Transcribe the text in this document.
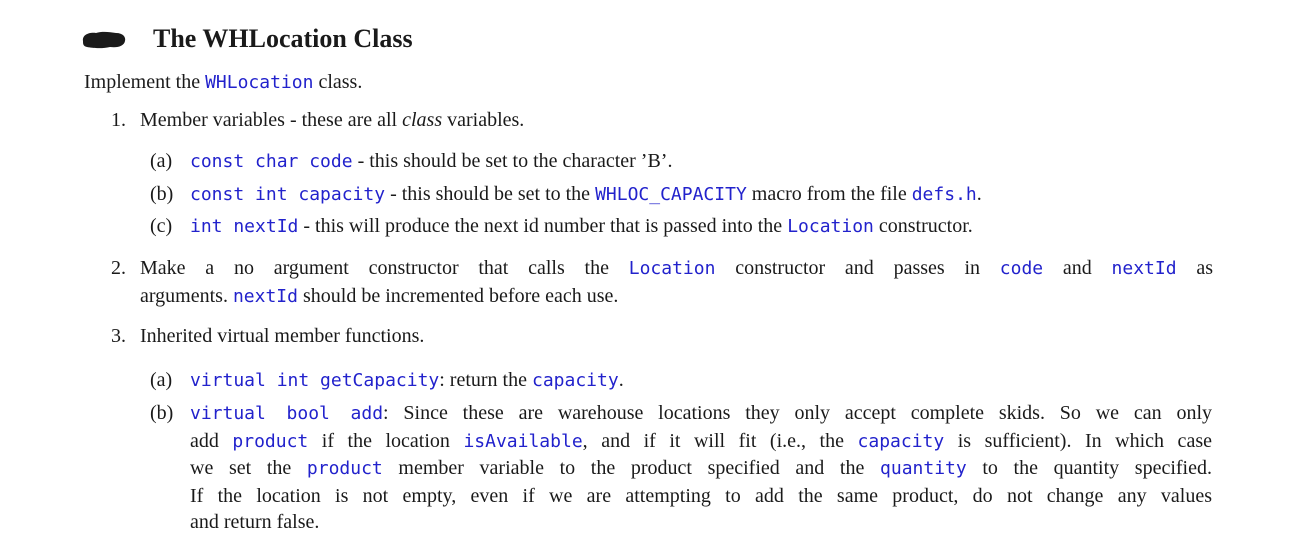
The WHLocation Class
Implement the WHLocation class.
1. Member variables - these are all class variables.
(a) const char code - this should be set to the character ’B’.
(b) const int capacity - this should be set to the WHLOC_CAPACITY macro from the file defs.h.
(c) int nextId - this will produce the next id number that is passed into the Location constructor.
2. Make a no argument constructor that calls the Location constructor and passes in code and nextId as
arguments. nextId should be incremented before each use.
3. Inherited virtual member functions.
(a) virtual int getCapacity: return the capacity.
(b) virtual bool add: Since these are warehouse locations they only accept complete skids. So we can only
add product if the location isAvailable, and if it will fit (i.e., the capacity is sufficient). In which case
we set the product member variable to the product specified and the quantity to the quantity specified.
If the location is not empty, even if we are attempting to add the same product, do not change any values
and return false.
